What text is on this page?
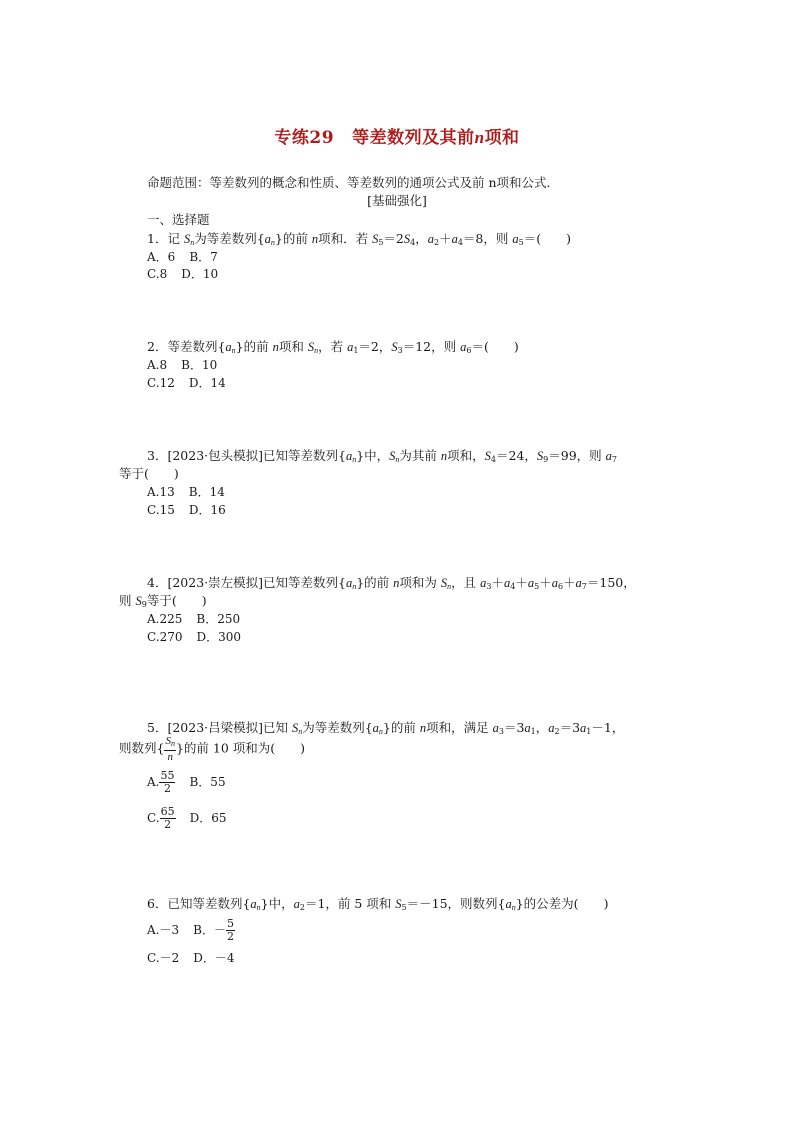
专练29 等差数列及其前n项和
命题范围：等差数列的概念和性质、等差数列的通项公式及前 n项和公式．
[基础强化]
一、选择题
1．记 $S_n$为等差数列$\{a_n\}$的前 n项和．若 $S_5=2S_4$，$a_2+a_4=8$，则 $a_5=$(　　)
A．6 B．7
C.8 D．10
2．等差数列$\{a_n\}$的前 n项和 $S_n$，若 $a_1=2$，$S_3=12$，则 $a_6=$(　　)
A.8 B．10
C.12 D．14
3．[2023·包头模拟]已知等差数列$\{a_n\}$中，$S_n$为其前 n项和，$S_4=24$，$S_9=99$，则 $a_7$
等于(　　)
A.13 B．14
C.15 D．16
4．[2023·崇左模拟]已知等差数列$\{a_n\}$的前 n项和为 $S_n$，且 $a_3+a_4+a_5+a_6+a_7=150$，
则 $S_9$等于(　　)
A.225 B．250
C.270 D．300
5．[2023·吕梁模拟]已知 $S_n$为等差数列$\{a_n\}$的前 n项和，满足 $a_3=3a_1$，$a_2=3a_1-1$，
则数列{ $\frac{S_n}{n}$ }的前 10 项和为(　　)
A. $\frac{55}{2}$ B．55
C. $\frac{65}{2}$ D．65
6．已知等差数列$\{a_n\}$中，$a_2=1$，前 5 项和 $S_5=-15$，则数列$\{a_n\}$的公差为(　　)
A.－3 B．－ $\frac{5}{2}$
C.－2 D．－4
